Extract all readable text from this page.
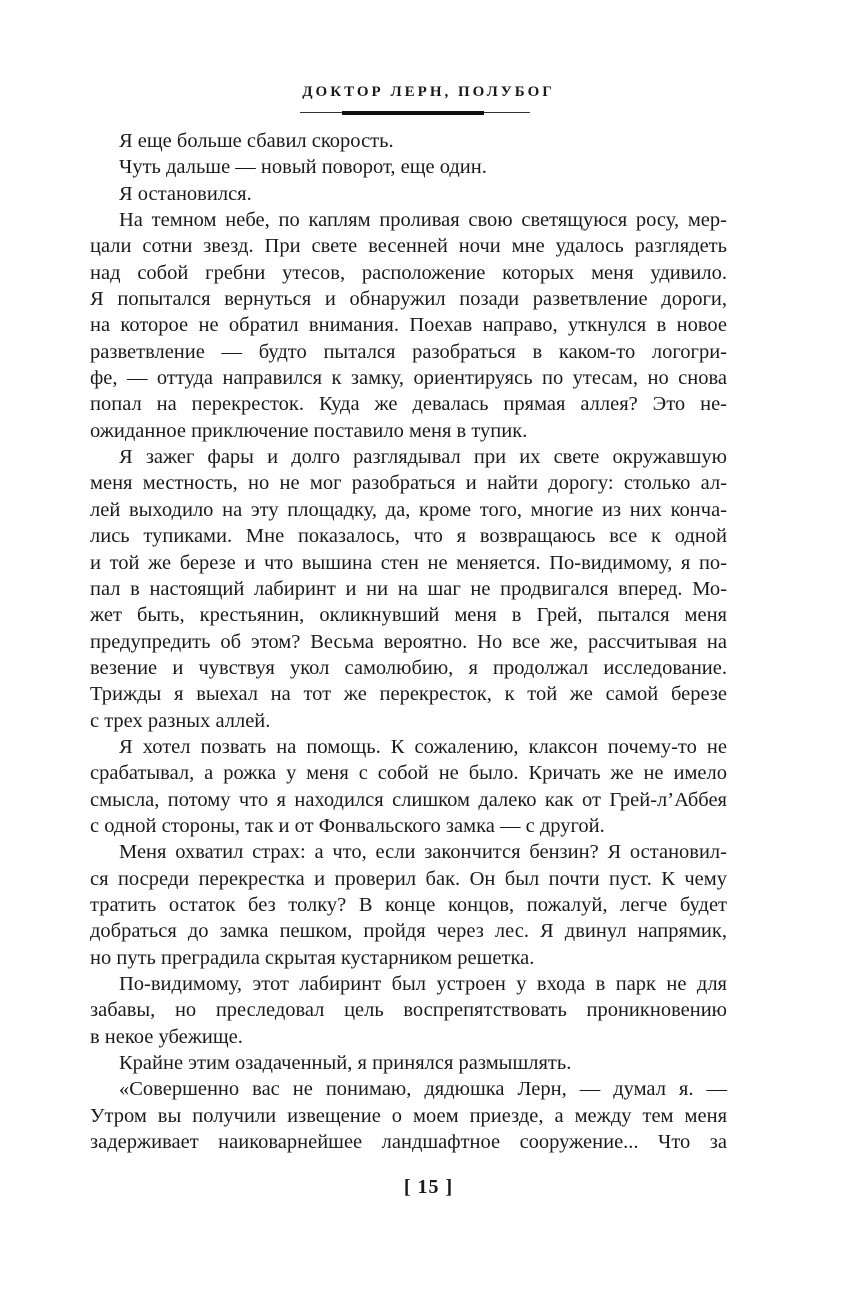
ДОКТОР ЛЕРН, ПОЛУБОГ
Я еще больше сбавил скорость.
Чуть дальше — новый поворот, еще один.
Я остановился.
На темном небе, по каплям проливая свою светящуюся росу, мер-
цали сотни звезд. При свете весенней ночи мне удалось разглядеть
над собой гребни утесов, расположение которых меня удивило.
Я попытался вернуться и обнаружил позади разветвление дороги,
на которое не обратил внимания. Поехав направо, уткнулся в новое
разветвление — будто пытался разобраться в каком-то логогри-
фе, — оттуда направился к замку, ориентируясь по утесам, но снова
попал на перекресток. Куда же девалась прямая аллея? Это не-
ожиданное приключение поставило меня в тупик.
Я зажег фары и долго разглядывал при их свете окружавшую
меня местность, но не мог разобраться и найти дорогу: столько ал-
лей выходило на эту площадку, да, кроме того, многие из них конча-
лись тупиками. Мне показалось, что я возвращаюсь все к одной
и той же березе и что вышина стен не меняется. По-видимому, я по-
пал в настоящий лабиринт и ни на шаг не продвигался вперед. Мо-
жет быть, крестьянин, окликнувший меня в Грей, пытался меня
предупредить об этом? Весьма вероятно. Но все же, рассчитывая на
везение и чувствуя укол самолюбию, я продолжал исследование.
Трижды я выехал на тот же перекресток, к той же самой березе
с трех разных аллей.
Я хотел позвать на помощь. К сожалению, клаксон почему-то не
срабатывал, а рожка у меня с собой не было. Кричать же не имело
смысла, потому что я находился слишком далеко как от Грей-л’Аббея
с одной стороны, так и от Фонвальского замка — с другой.
Меня охватил страх: а что, если закончится бензин? Я остановил-
ся посреди перекрестка и проверил бак. Он был почти пуст. К чему
тратить остаток без толку? В конце концов, пожалуй, легче будет
добраться до замка пешком, пройдя через лес. Я двинул напрямик,
но путь преградила скрытая кустарником решетка.
По-видимому, этот лабиринт был устроен у входа в парк не для
забавы, но преследовал цель воспрепятствовать проникновению
в некое убежище.
Крайне этим озадаченный, я принялся размышлять.
«Совершенно вас не понимаю, дядюшка Лерн, — думал я. —
Утром вы получили извещение о моем приезде, а между тем меня
задерживает наиковарнейшее ландшафтное сооружение... Что за
[ 15 ]
